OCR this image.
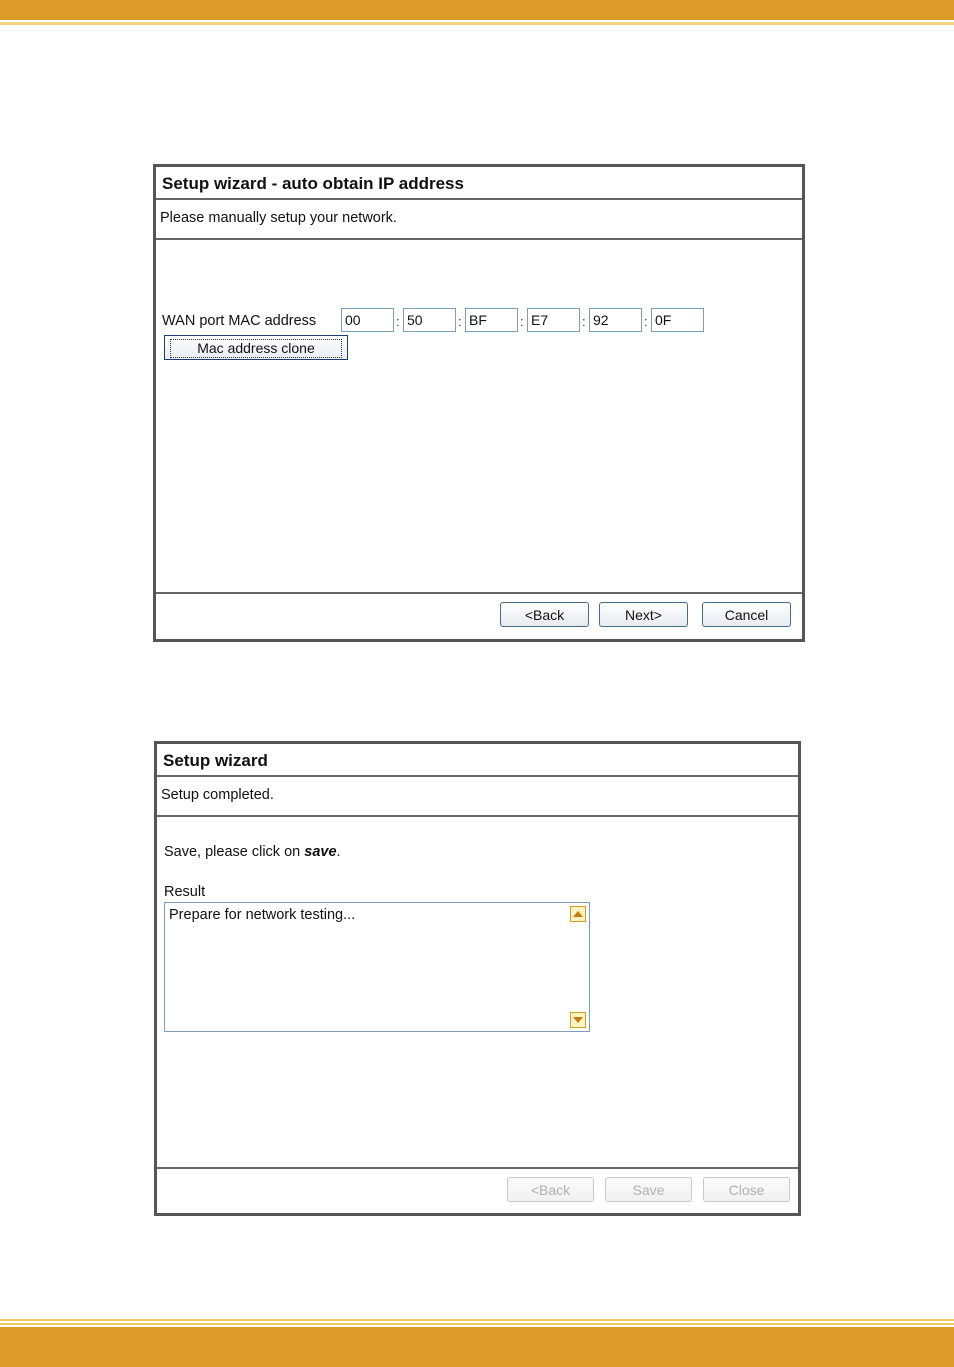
Setup wizard - auto obtain IP address
Please manually setup your network.
WAN port MAC address
00	:
50	:
BF	:
E7	:
92	:
0F
Mac address clone
<Back	Next>	Cancel
Setup wizard
Setup completed.
Save, please click on save.
Result
Prepare for network testing...
<Back	Save	Close
